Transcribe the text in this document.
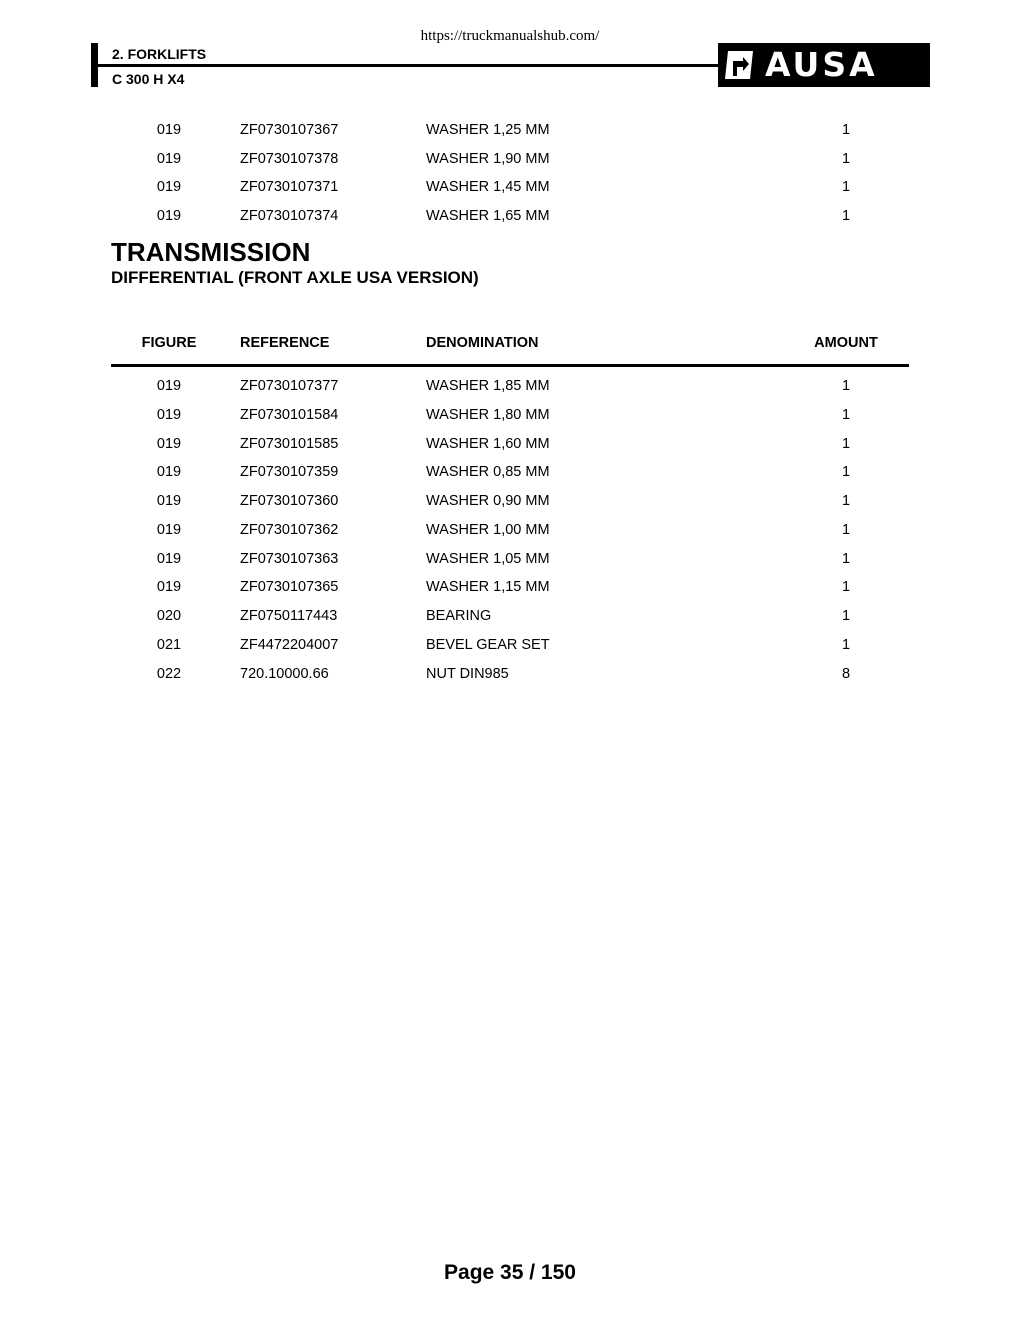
https://truckmanualshub.com/
2. FORKLIFTS
C 300 H X4	AUSA
019	ZF0730107367	WASHER 1,25 MM	1
019	ZF0730107378	WASHER 1,90 MM	1
019	ZF0730107371	WASHER 1,45 MM	1
019	ZF0730107374	WASHER 1,65 MM	1
TRANSMISSION
DIFFERENTIAL (FRONT AXLE USA VERSION)
FIGURE	REFERENCE	DENOMINATION	AMOUNT
019	ZF0730107377	WASHER 1,85 MM	1
019	ZF0730101584	WASHER 1,80 MM	1
019	ZF0730101585	WASHER 1,60 MM	1
019	ZF0730107359	WASHER 0,85 MM	1
019	ZF0730107360	WASHER 0,90 MM	1
019	ZF0730107362	WASHER 1,00 MM	1
019	ZF0730107363	WASHER 1,05 MM	1
019	ZF0730107365	WASHER 1,15 MM	1
020	ZF0750117443	BEARING	1
021	ZF4472204007	BEVEL GEAR SET	1
022	720.10000.66	NUT DIN985	8
Page 35 / 150
